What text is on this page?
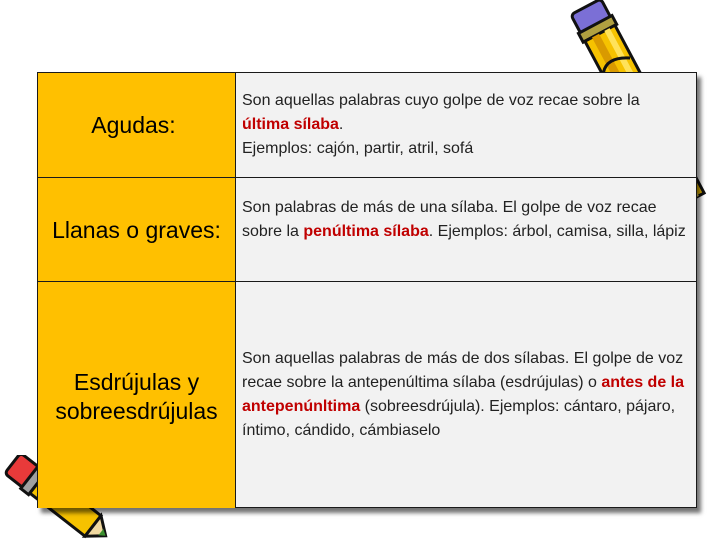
Agudas:

Son aquellas palabras cuyo golpe de voz recae sobre la
última sílaba.
Ejemplos: cajón, partir, atril, sofá

Llanas o graves:

Son palabras de más de una sílaba. El golpe de voz recae sobre la penúltima sílaba. Ejemplos: árbol, camisa, silla, lápiz

Esdrújulas y
sobreesdrújulas

Son aquellas palabras de más de dos sílabas. El golpe de voz recae sobre la antepenúltima sílaba (esdrújulas) o antes de la antepenúnltima (sobreesdrújula). Ejemplos: cántaro, pájaro, íntimo, cándido, cámbiaselo
